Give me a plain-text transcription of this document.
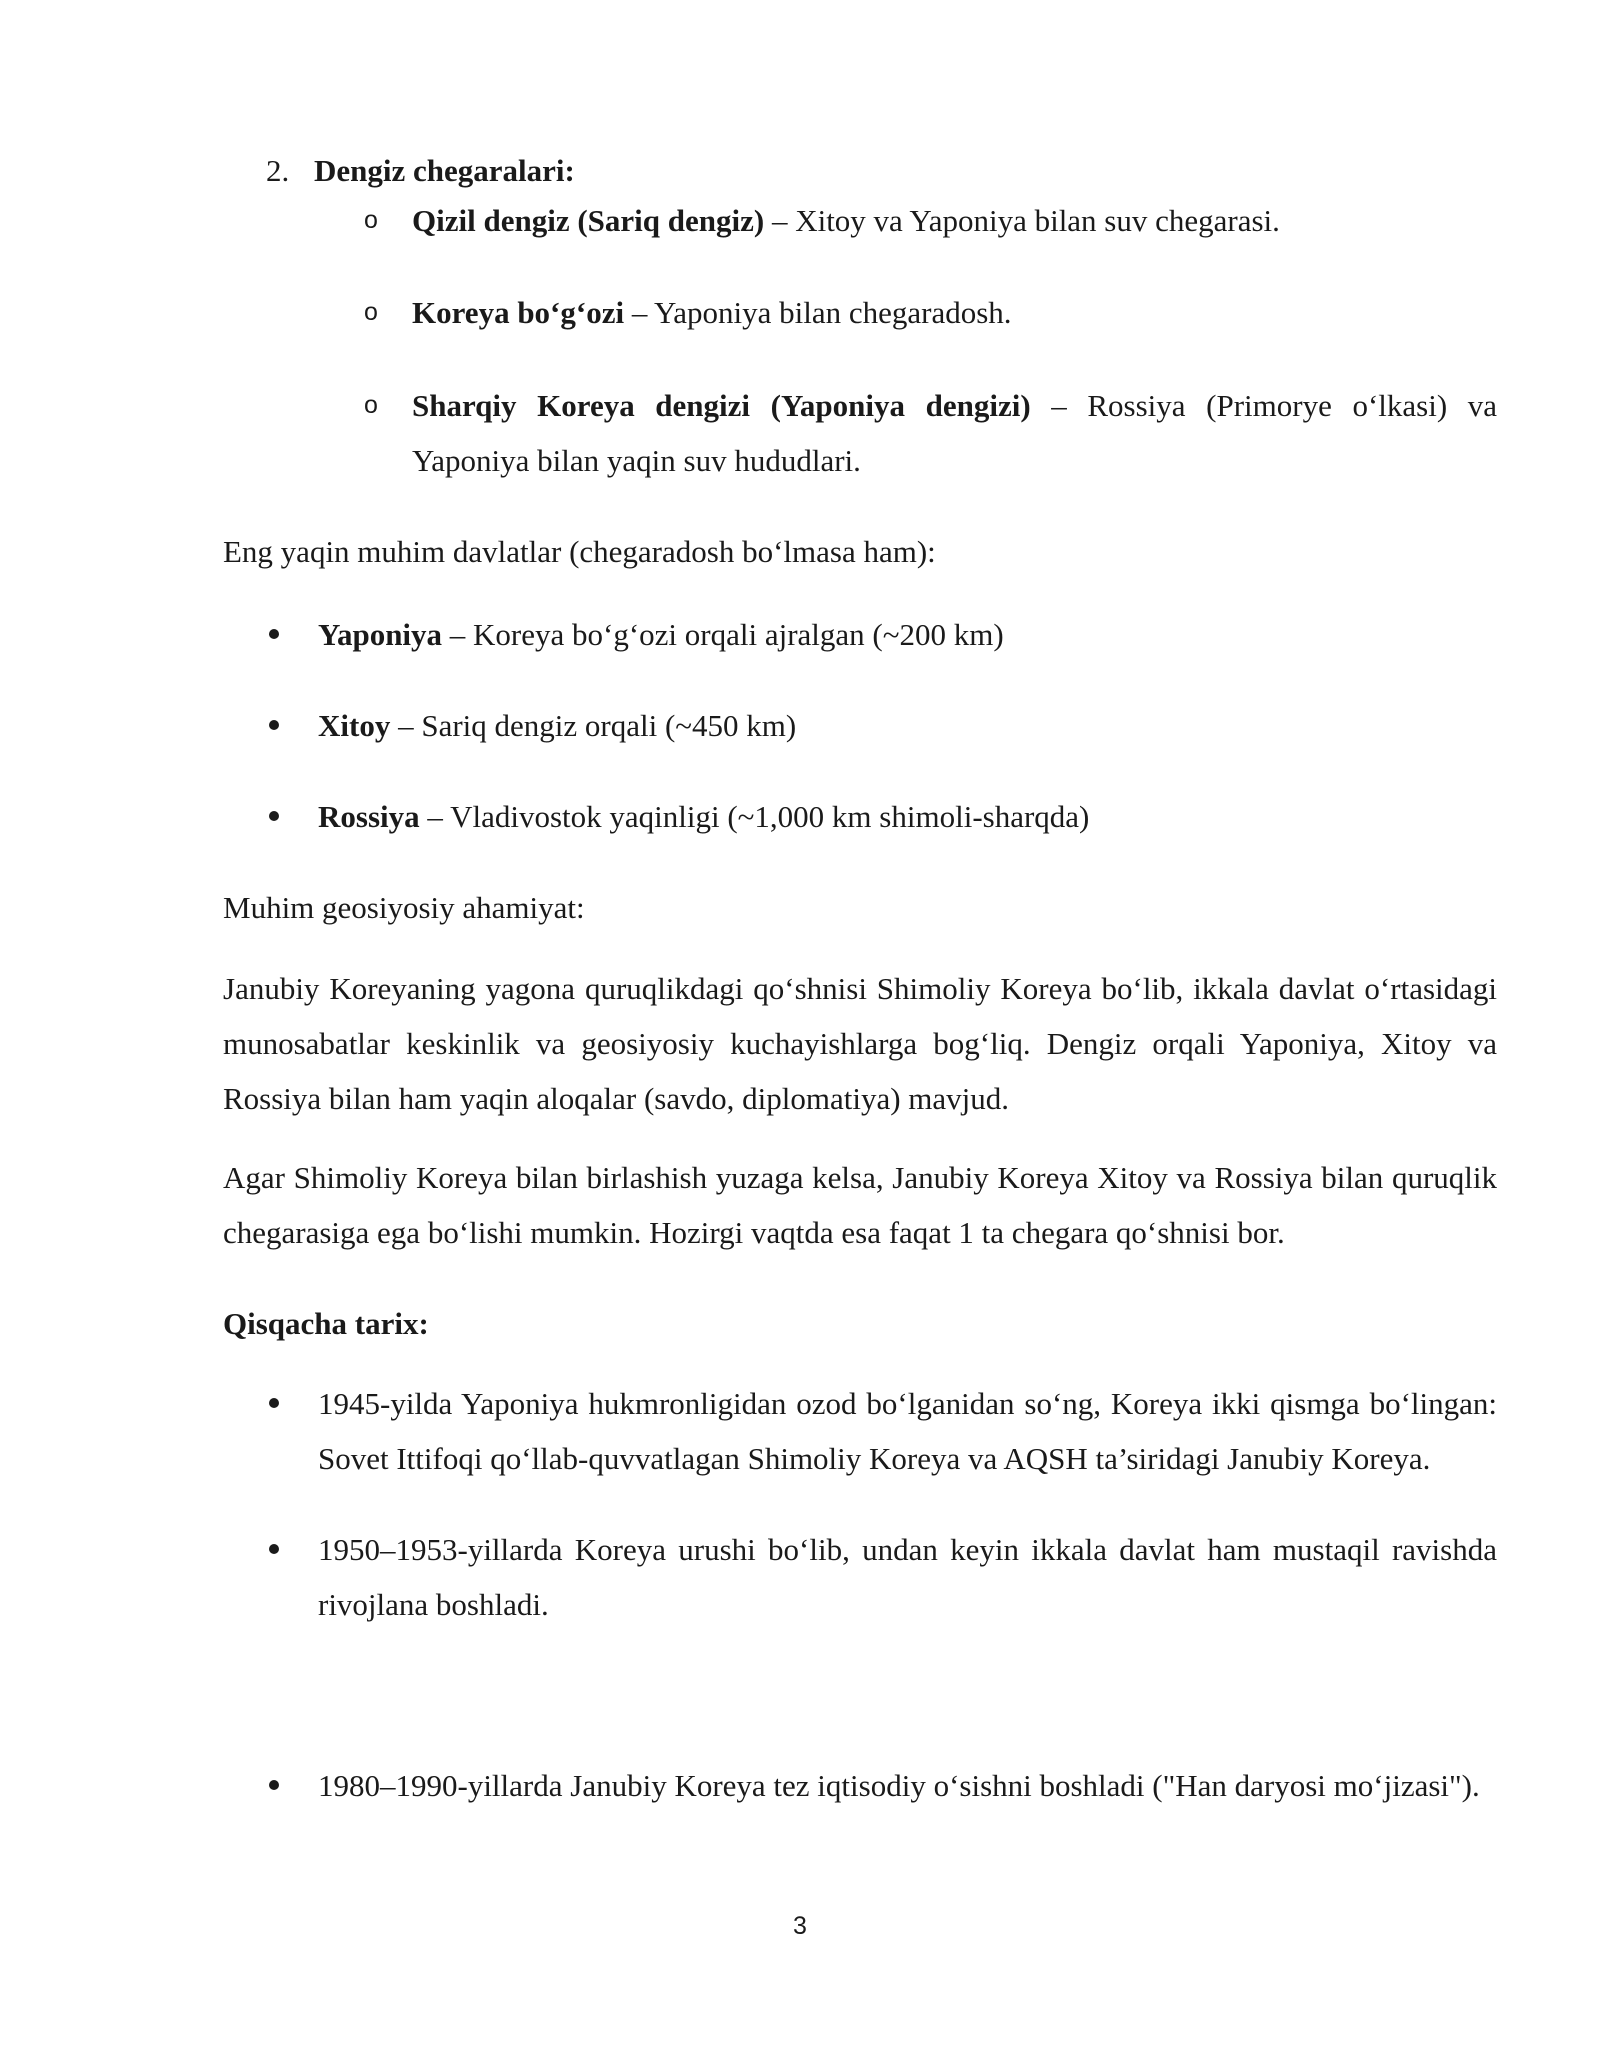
2. Dengiz chegaralari:
o Qizil dengiz (Sariq dengiz) – Xitoy va Yaponiya bilan suv chegarasi.
o Koreya bo‘g‘ozi – Yaponiya bilan chegaradosh.
o Sharqiy Koreya dengizi (Yaponiya dengizi) – Rossiya (Primorye o‘lkasi) va
Yaponiya bilan yaqin suv hududlari.
Eng yaqin muhim davlatlar (chegaradosh bo‘lmasa ham):
Yaponiya – Koreya bo‘g‘ozi orqali ajralgan (~200 km)
Xitoy – Sariq dengiz orqali (~450 km)
Rossiya – Vladivostok yaqinligi (~1,000 km shimoli-sharqda)
Muhim geosiyosiy ahamiyat:
Janubiy Koreyaning yagona quruqlikdagi qo‘shnisi Shimoliy Koreya bo‘lib, ikkala davlat o‘rtasidagi munosabatlar keskinlik va geosiyosiy kuchayishlarga bog‘liq. Dengiz orqali Yaponiya, Xitoy va Rossiya bilan ham yaqin aloqalar (savdo, diplomatiya) mavjud.
Agar Shimoliy Koreya bilan birlashish yuzaga kelsa, Janubiy Koreya Xitoy va Rossiya bilan quruqlik chegarasiga ega bo‘lishi mumkin. Hozirgi vaqtda esa faqat 1 ta chegara qo‘shnisi bor.
Qisqacha tarix:
1945-yilda Yaponiya hukmronligidan ozod bo‘lganidan so‘ng, Koreya ikki qismga bo‘lingan: Sovet Ittifoqi qo‘llab-quvvatlagan Shimoliy Koreya va AQSH ta’siridagi Janubiy Koreya.
1950–1953-yillarda Koreya urushi bo‘lib, undan keyin ikkala davlat ham mustaqil ravishda rivojlana boshladi.
1980–1990-yillarda Janubiy Koreya tez iqtisodiy o‘sishni boshladi ("Han daryosi mo‘jizasi").
3
